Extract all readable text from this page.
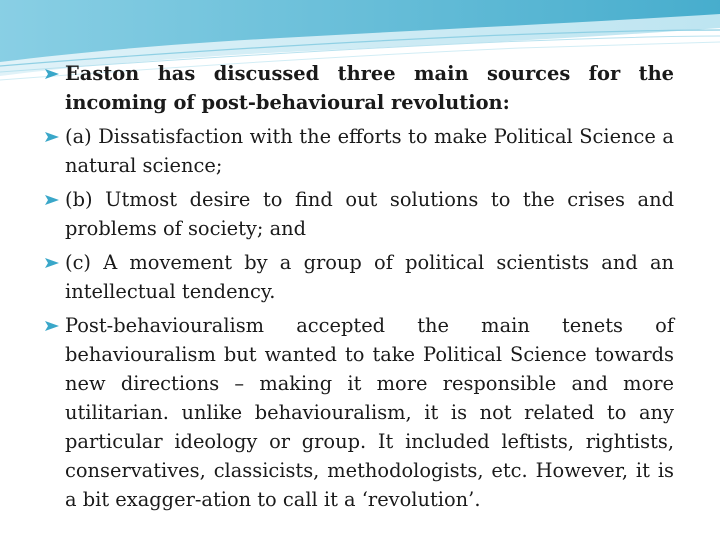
Easton has discussed three main sources for the incoming of post-behavioural revolution:
(a) Dissatisfaction with the efforts to make Political Science a natural science;
(b) Utmost desire to find out solutions to the crises and problems of society; and
(c) A movement by a group of political scientists and an intellectual tendency.
Post-behaviouralism accepted the main tenets of behaviouralism but wanted to take Political Science towards new directions – making it more responsible and more utilitarian. unlike behaviouralism, it is not related to any particular ideology or group. It included leftists, rightists, conservatives, classicists, methodologists, etc. However, it is a bit exagger-ation to call it a ‘revolution’.
